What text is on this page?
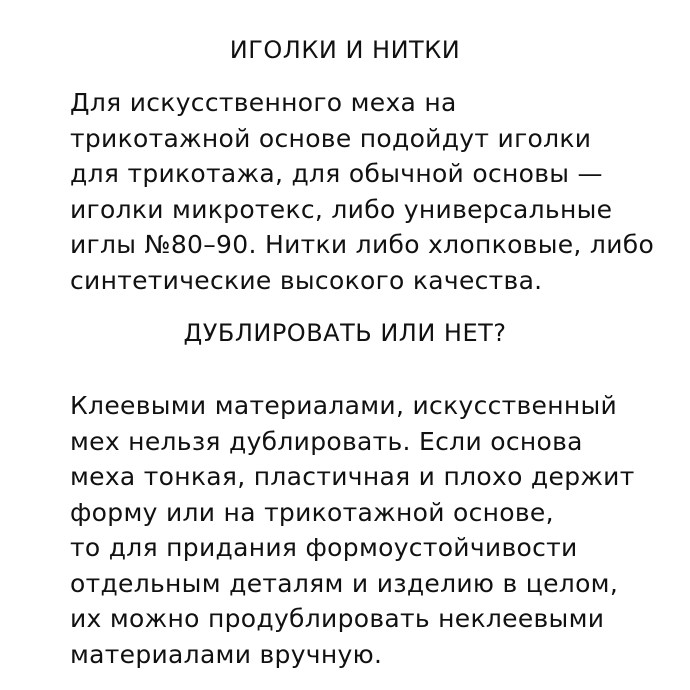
ИГОЛКИ И НИТКИ
Для искусственного меха на
трикотажной основе подойдут иголки
для трикотажа, для обычной основы —
иголки микротекс, либо универсальные
иглы №80–90. Нитки либо хлопковые, либо
синтетические высокого качества.
ДУБЛИРОВАТЬ ИЛИ НЕТ?
Клеевыми материалами, искусственный
мех нельзя дублировать. Если основа
меха тонкая, пластичная и плохо держит
форму или на трикотажной основе,
то для придания формоустойчивости
отдельным деталям и изделию в целом,
их можно продублировать неклеевыми
материалами вручную.
